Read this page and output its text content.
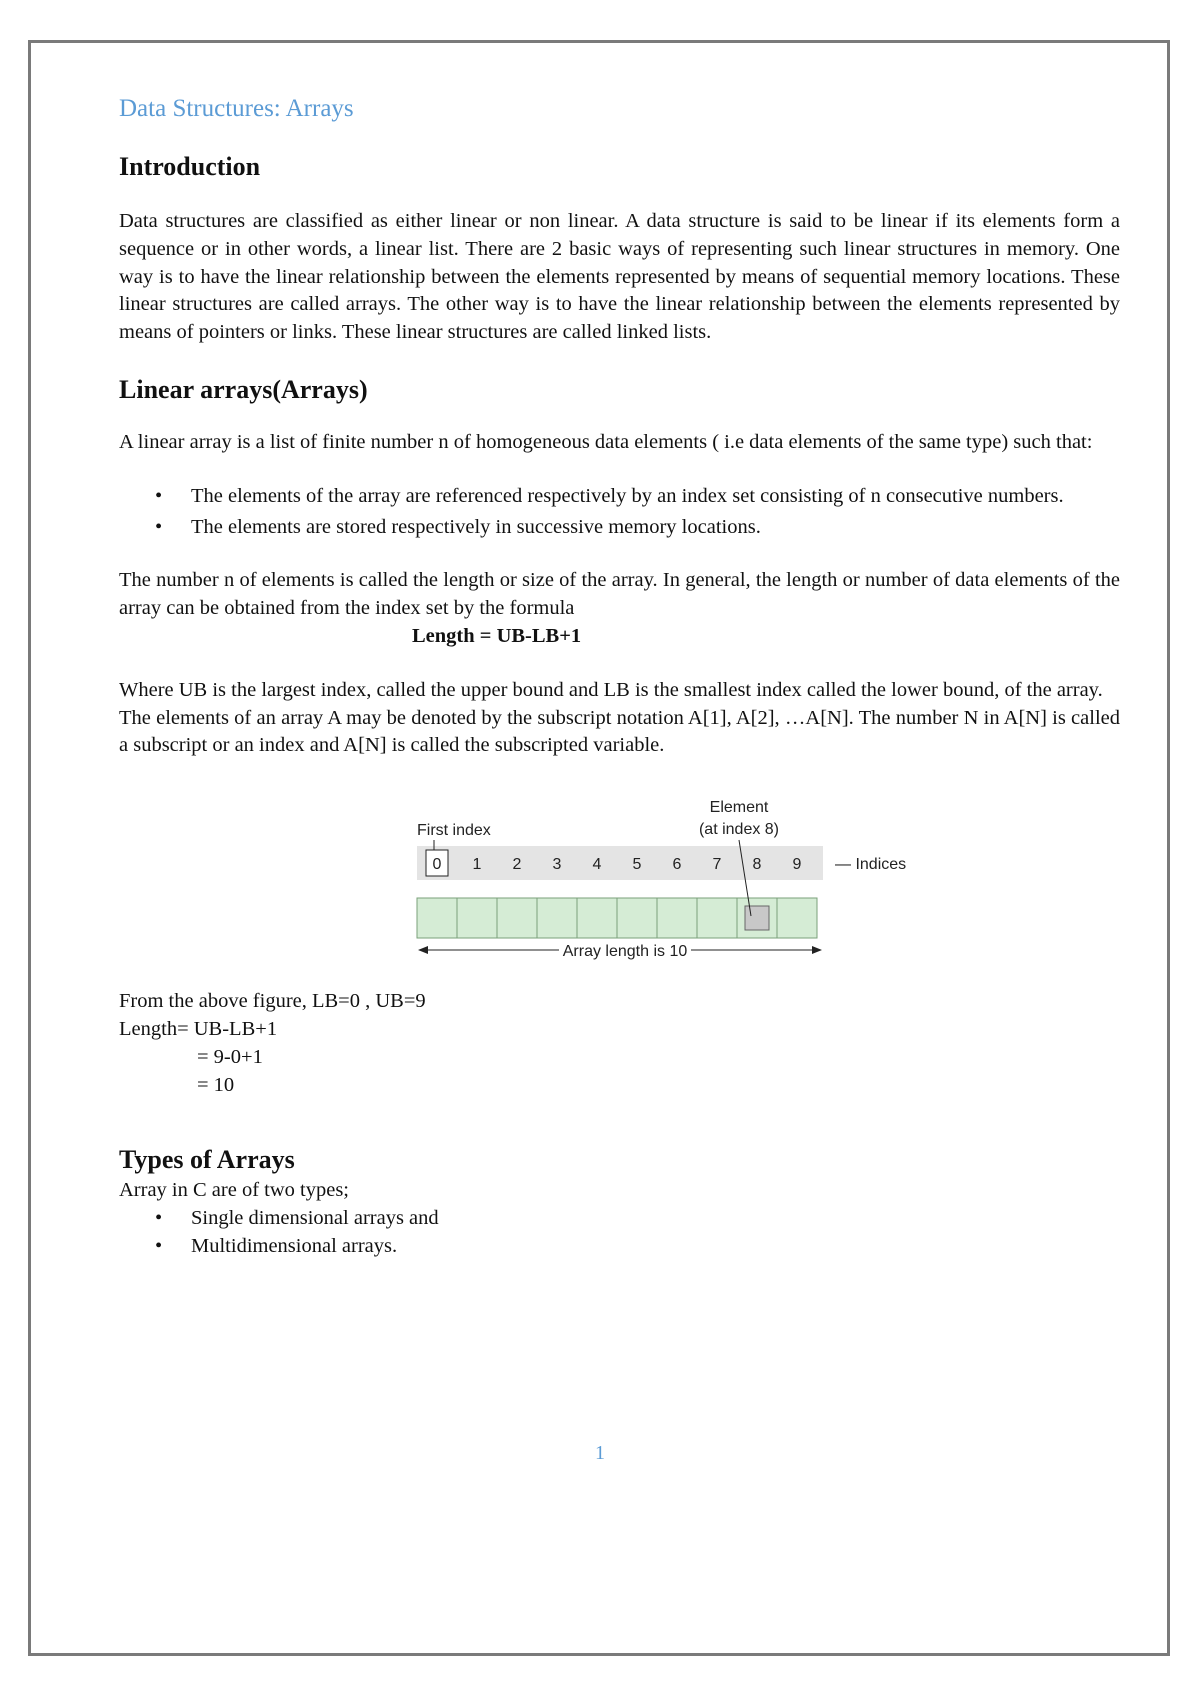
Data Structures: Arrays
Introduction

Data structures are classified as either linear or non linear. A data structure is said to be linear if its elements form a sequence or in other words, a linear list. There are 2 basic ways of representing such linear structures in memory. One way is to have the linear relationship between the elements represented by means of sequential memory locations. These linear structures are called arrays. The other way is to have the linear relationship between the elements represented by means of pointers or links. These linear structures are called linked lists.

Linear arrays(Arrays)

A linear array is a list of finite number n of homogeneous data elements ( i.e data elements of the same type) such that:

• The elements of the array are referenced respectively by an index set consisting of n consecutive numbers.
• The elements are stored respectively in successive memory locations.

The number n of elements is called the length or size of the array. In general, the length or number of data elements of the array can be obtained from the index set by the formula

Length = UB-LB+1

Where UB is the largest index, called the upper bound and LB is the smallest index called the lower bound, of the array.

The elements of an array A may be denoted by the subscript notation A[1], A[2], …A[N]. The number N in A[N] is called a subscript or an index and A[N] is called the subscripted variable.

First index
Element
(at index 8)
0 1 2 3 4 5 6 7 8 9 — Indices
Array length is 10

From the above figure, LB=0 , UB=9

Length= UB-LB+1

= 9-0+1

= 10

Types of Arrays

Array in C are of two types;

• Single dimensional arrays and
• Multidimensional arrays.
1
